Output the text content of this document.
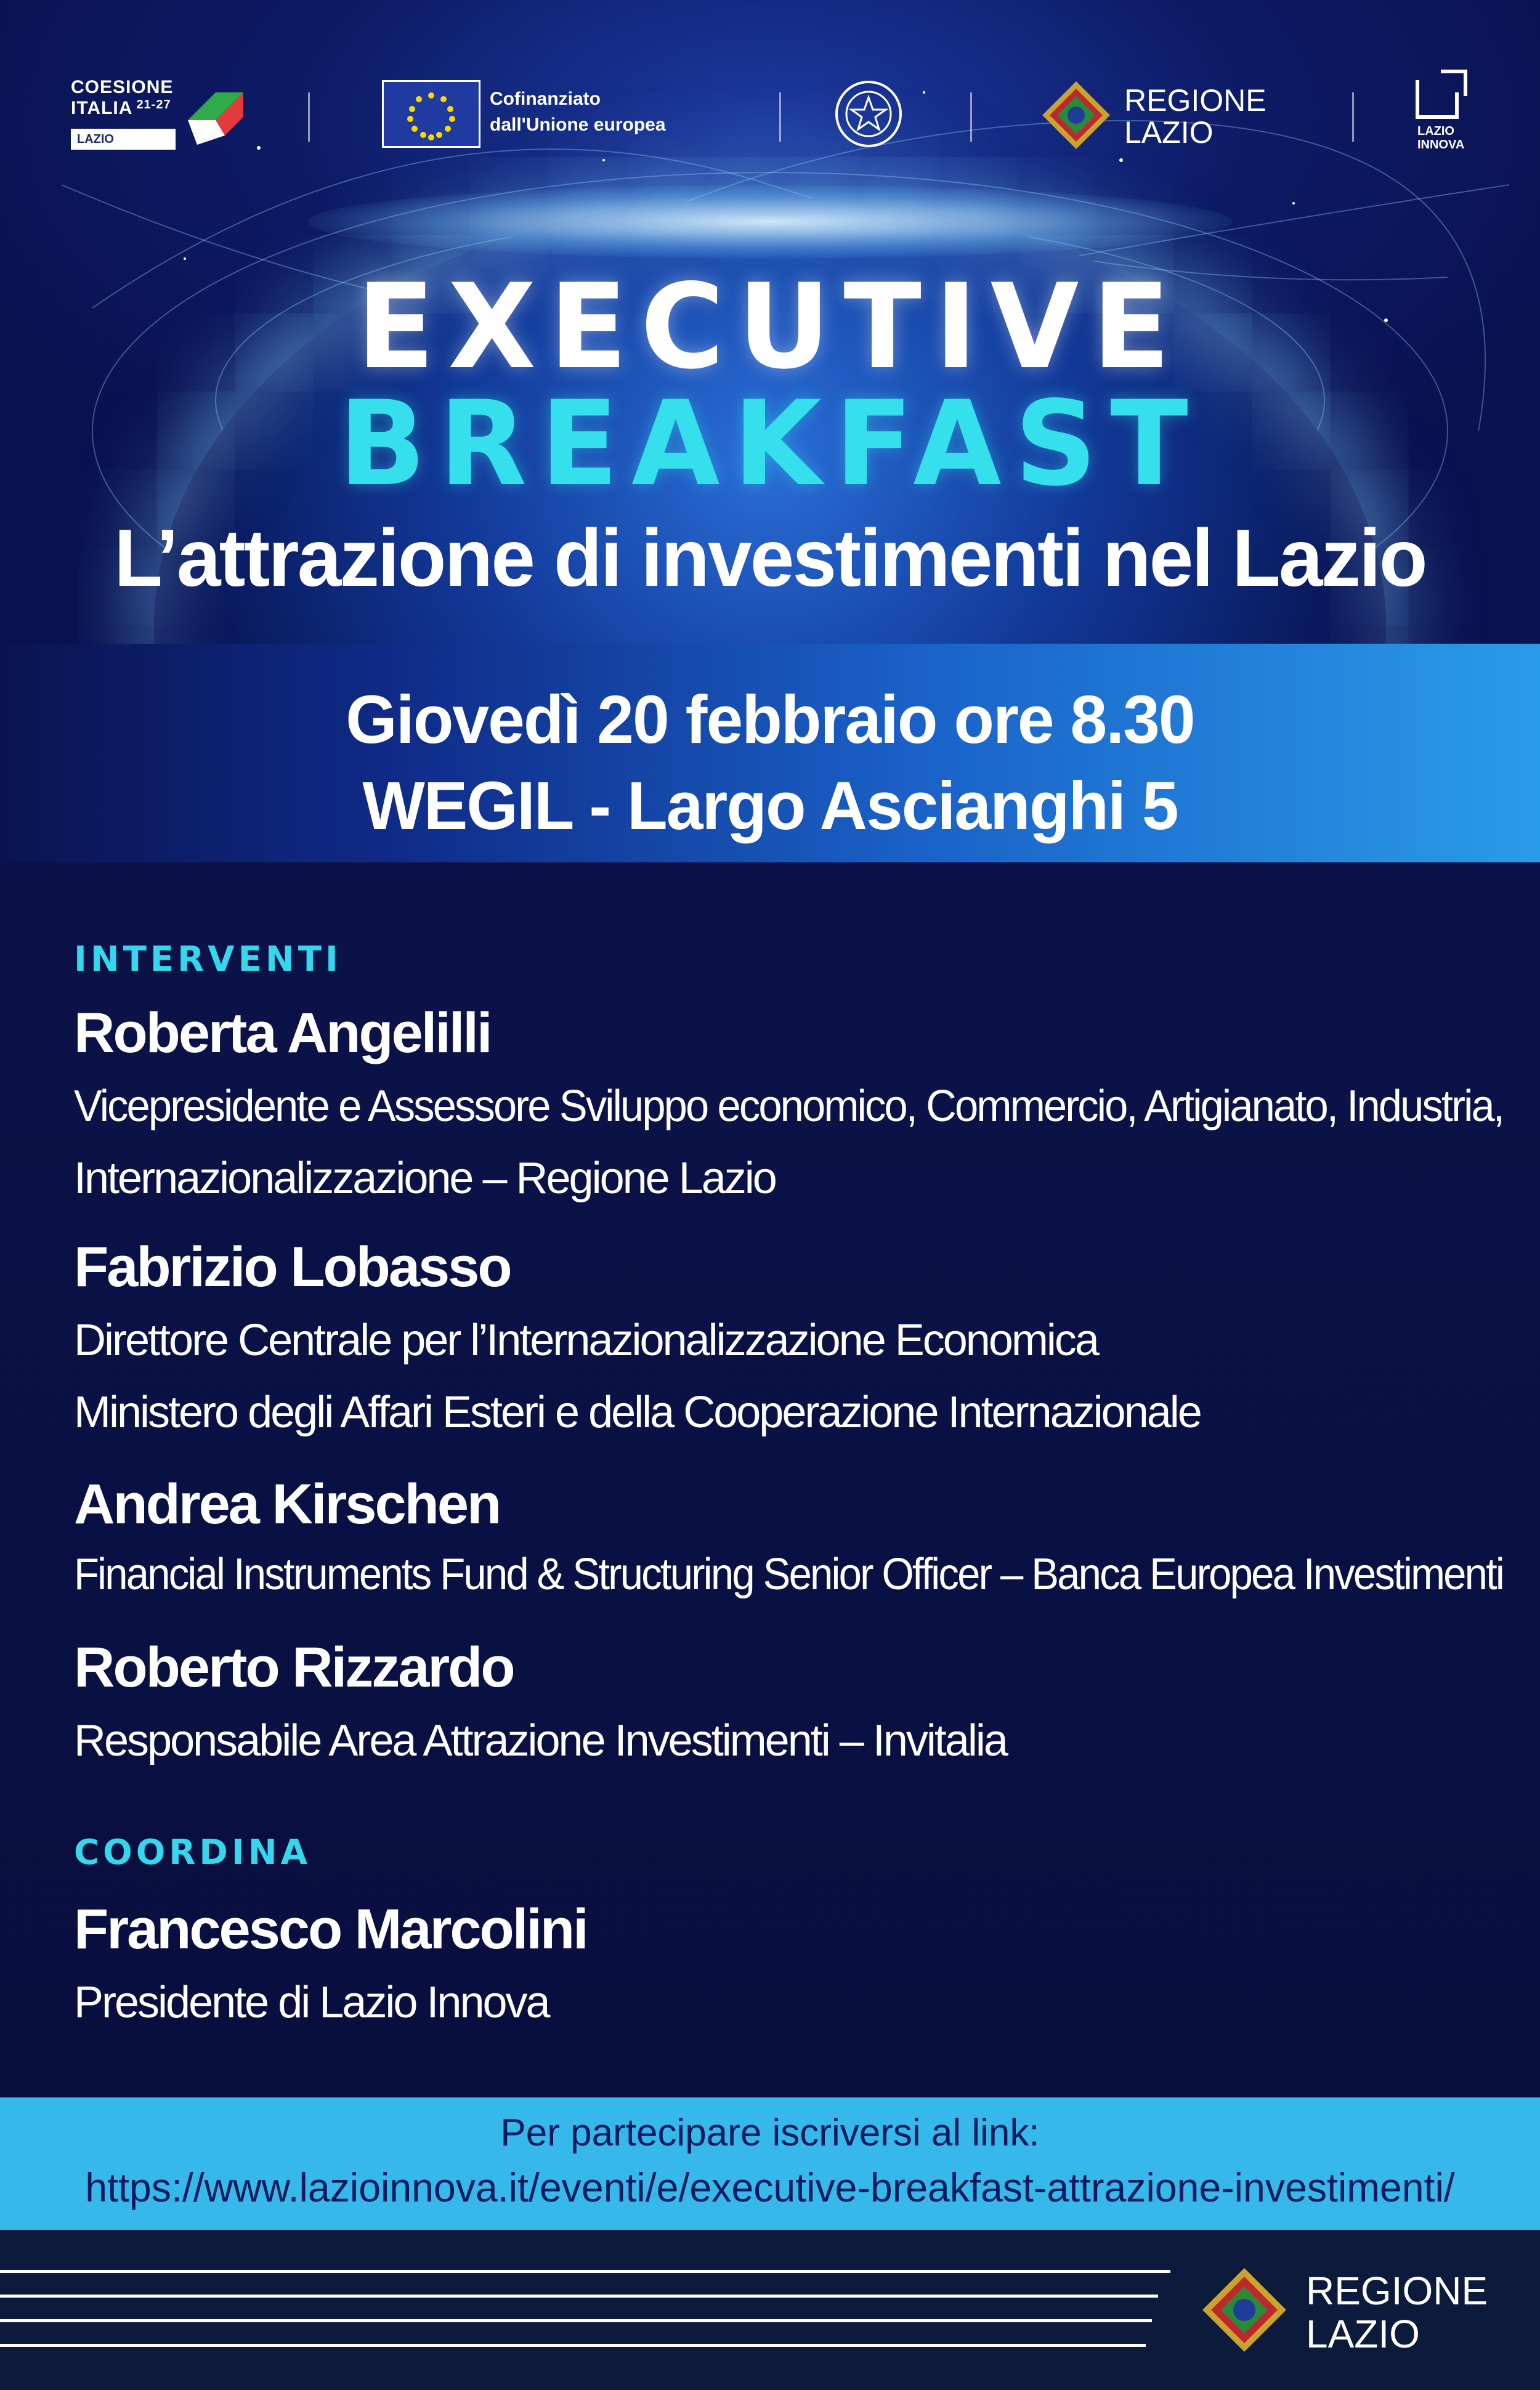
COESIONE
ITALIA $^{21-27}$
LAZIO
Cofinanziato
dall'Unione europea
REGIONE
LAZIO	LAZIO
INNOVA
EXECUTIVE
BREAKFAST
L’attrazione di investimenti nel Lazio
Giovedì 20 febbraio ore 8.30
WEGIL - Largo Ascianghi 5
INTERVENTI
Roberta Angelilli
Vicepresidente e Assessore Sviluppo economico, Commercio, Artigianato, Industria,
Internazionalizzazione – Regione Lazio
Fabrizio Lobasso
Direttore Centrale per l’Internazionalizzazione Economica
Ministero degli Affari Esteri e della Cooperazione Internazionale
Andrea Kirschen
Financial Instruments Fund & Structuring Senior Officer – Banca Europea Investimenti
Roberto Rizzardo
Responsabile Area Attrazione Investimenti – Invitalia
COORDINA
Francesco Marcolini
Presidente di Lazio Innova
Per partecipare iscriversi al link:
https://www.lazioinnova.it/eventi/e/executive-breakfast-attrazione-investimenti/
REGIONE
LAZIO
